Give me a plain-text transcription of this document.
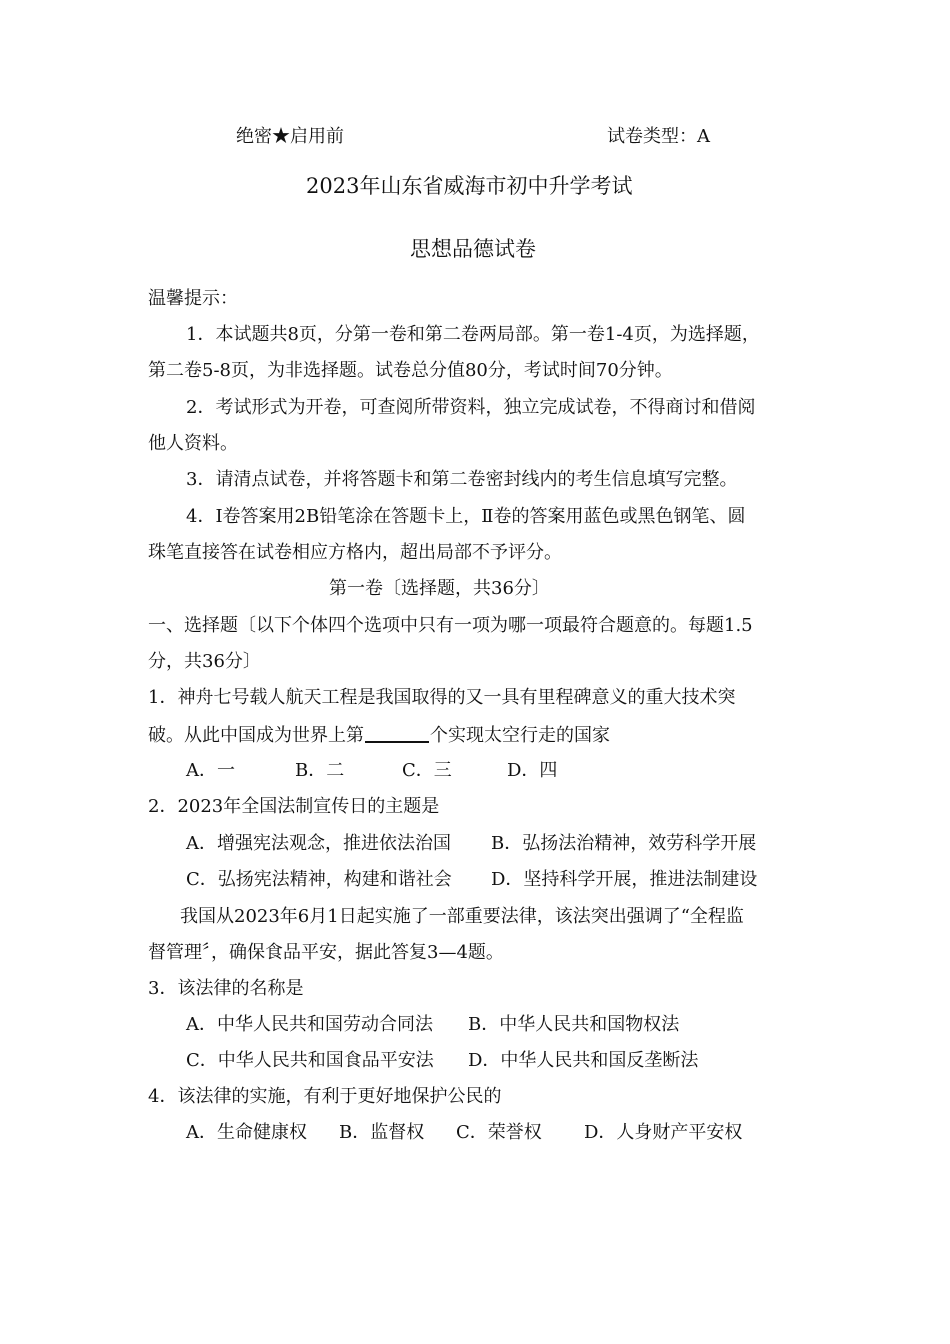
绝密★启用前	试卷类型：A
2023年山东省威海市初中升学考试
思想品德试卷
温馨提示：
1．本试题共8页，分第一卷和第二卷两局部。第一卷1-4页，为选择题，
第二卷5-8页，为非选择题。试卷总分值80分，考试时间70分钟。
2．考试形式为开卷，可查阅所带资料，独立完成试卷，不得商讨和借阅
他人资料。
3．请清点试卷，并将答题卡和第二卷密封线内的考生信息填写完整。
4．Ⅰ卷答案用2B铅笔涂在答题卡上，Ⅱ卷的答案用蓝色或黑色钢笔、圆
珠笔直接答在试卷相应方格内，超出局部不予评分。
第一卷〔选择题，共36分〕
一、选择题〔以下个体四个选项中只有一项为哪一项最符合题意的。每题1.5
分，共36分〕
1．神舟七号载人航天工程是我国取得的又一具有里程碑意义的重大技术突
破。从此中国成为世界上第	个实现太空行走的国家
A．一	B．二	C．三	D．四
2．2023年全国法制宣传日的主题是
A．增强宪法观念，推进依法治国 B．弘扬法治精神，效劳科学开展
C．弘扬宪法精神，构建和谐社会 D．坚持科学开展，推进法制建设
我国从2023年6月1日起实施了一部重要法律，该法突出强调了“全程监
督管理〞，确保食品平安，据此答复3—4题。
3．该法律的名称是
A．中华人民共和国劳动合同法 B．中华人民共和国物权法
C．中华人民共和国食品平安法 D．中华人民共和国反垄断法
4．该法律的实施，有利于更好地保护公民的
A．生命健康权 B．监督权 C．荣誉权 D．人身财产平安权
